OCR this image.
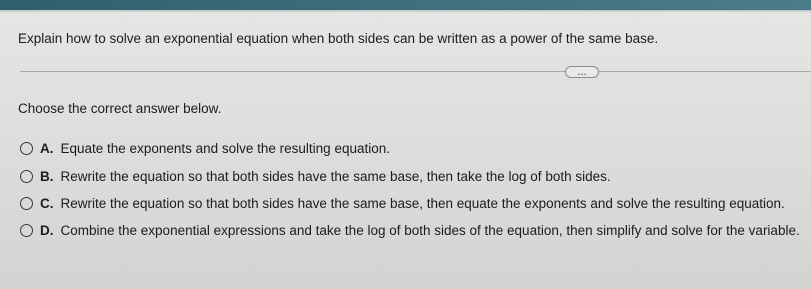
Explain how to solve an exponential equation when both sides can be written as a power of the same base.
...
Choose the correct answer below.
A. Equate the exponents and solve the resulting equation.
B. Rewrite the equation so that both sides have the same base, then take the log of both sides.
C. Rewrite the equation so that both sides have the same base, then equate the exponents and solve the resulting equation.
D. Combine the exponential expressions and take the log of both sides of the equation, then simplify and solve for the variable.
